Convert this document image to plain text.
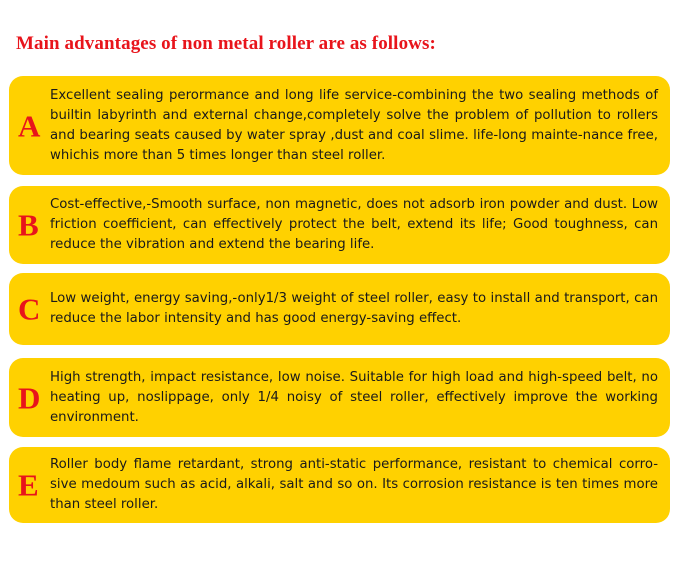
Main advantages of non metal roller are as follows:
A
Excellent sealing perormance and long life service-combining the two sealing methods of builtin labyrinth and external change,completely solve the problem of pollution to rollers and bearing seats caused by water spray ,dust and coal slime. life-long mainte-nance free, whichis more than 5 times longer than steel roller.
B
Cost-effective,-Smooth surface, non magnetic, does not adsorb iron powder and dust. Low friction coefficient, can effectively protect the belt, extend its life; Good toughness, can reduce the vibration and extend the bearing life.
C Low weight, energy saving,-only1/3 weight of steel roller, easy to install and transport, can reduce the labor intensity and has good energy-saving effect.
D
High strength, impact resistance, low noise. Suitable for high load and high-speed belt, no heating up, noslippage, only 1/4 noisy of steel roller, effectively improve the working environment.
E
Roller body flame retardant, strong anti-static performance, resistant to chemical corro-sive medoum such as acid, alkali, salt and so on. Its corrosion resistance is ten times more than steel roller.
